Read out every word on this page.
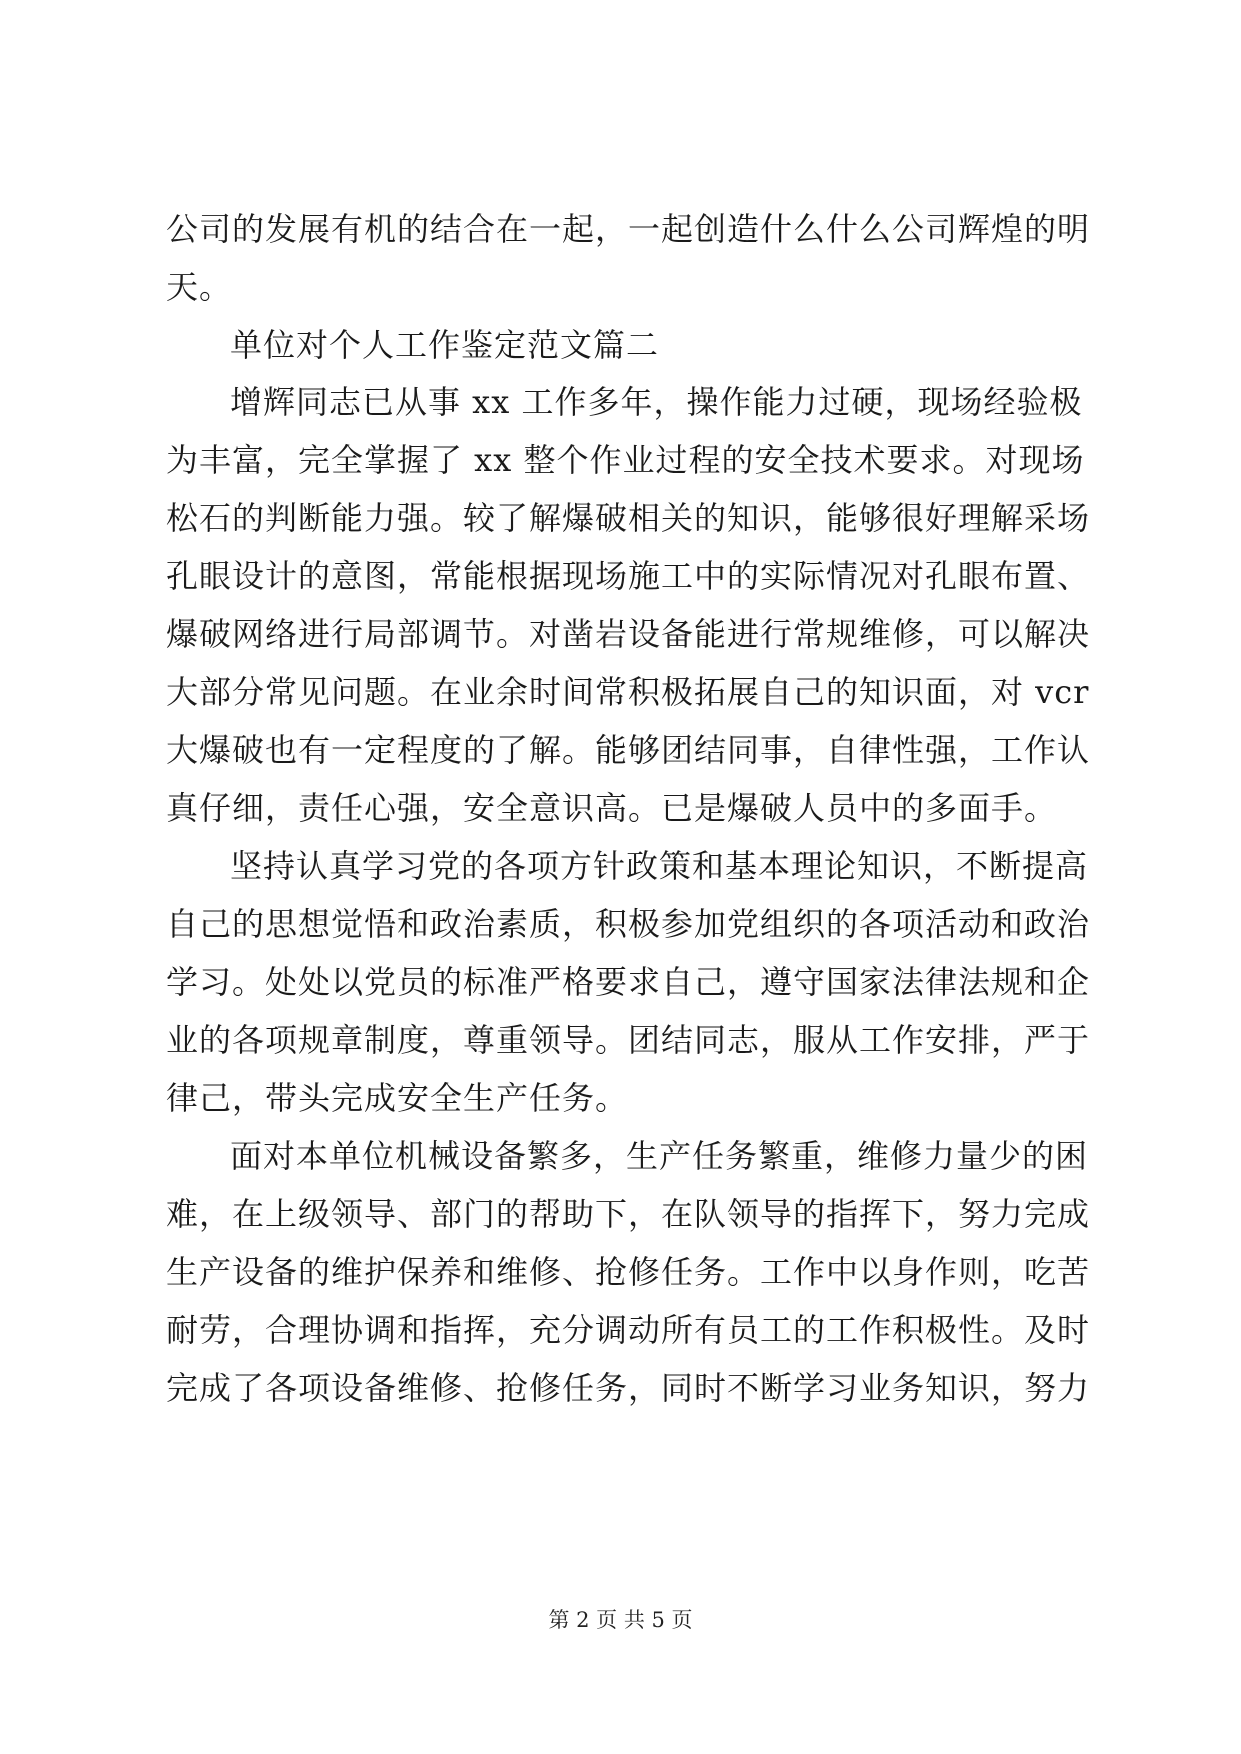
公司的发展有机的结合在一起，一起创造什么什么公司辉煌的明
天。
单位对个人工作鉴定范文篇二
增辉同志已从事 xx 工作多年，操作能力过硬，现场经验极
为丰富，完全掌握了 xx 整个作业过程的安全技术要求。对现场
松石的判断能力强。较了解爆破相关的知识，能够很好理解采场
孔眼设计的意图，常能根据现场施工中的实际情况对孔眼布置、
爆破网络进行局部调节。对凿岩设备能进行常规维修，可以解决
大部分常见问题。在业余时间常积极拓展自己的知识面，对 vcr
大爆破也有一定程度的了解。能够团结同事，自律性强，工作认
真仔细，责任心强，安全意识高。已是爆破人员中的多面手。
坚持认真学习党的各项方针政策和基本理论知识，不断提高
自己的思想觉悟和政治素质，积极参加党组织的各项活动和政治
学习。处处以党员的标准严格要求自己，遵守国家法律法规和企
业的各项规章制度，尊重领导。团结同志，服从工作安排，严于
律己，带头完成安全生产任务。
面对本单位机械设备繁多，生产任务繁重，维修力量少的困
难，在上级领导、部门的帮助下，在队领导的指挥下，努力完成
生产设备的维护保养和维修、抢修任务。工作中以身作则，吃苦
耐劳，合理协调和指挥，充分调动所有员工的工作积极性。及时
完成了各项设备维修、抢修任务，同时不断学习业务知识，努力
第 2 页 共 5 页
